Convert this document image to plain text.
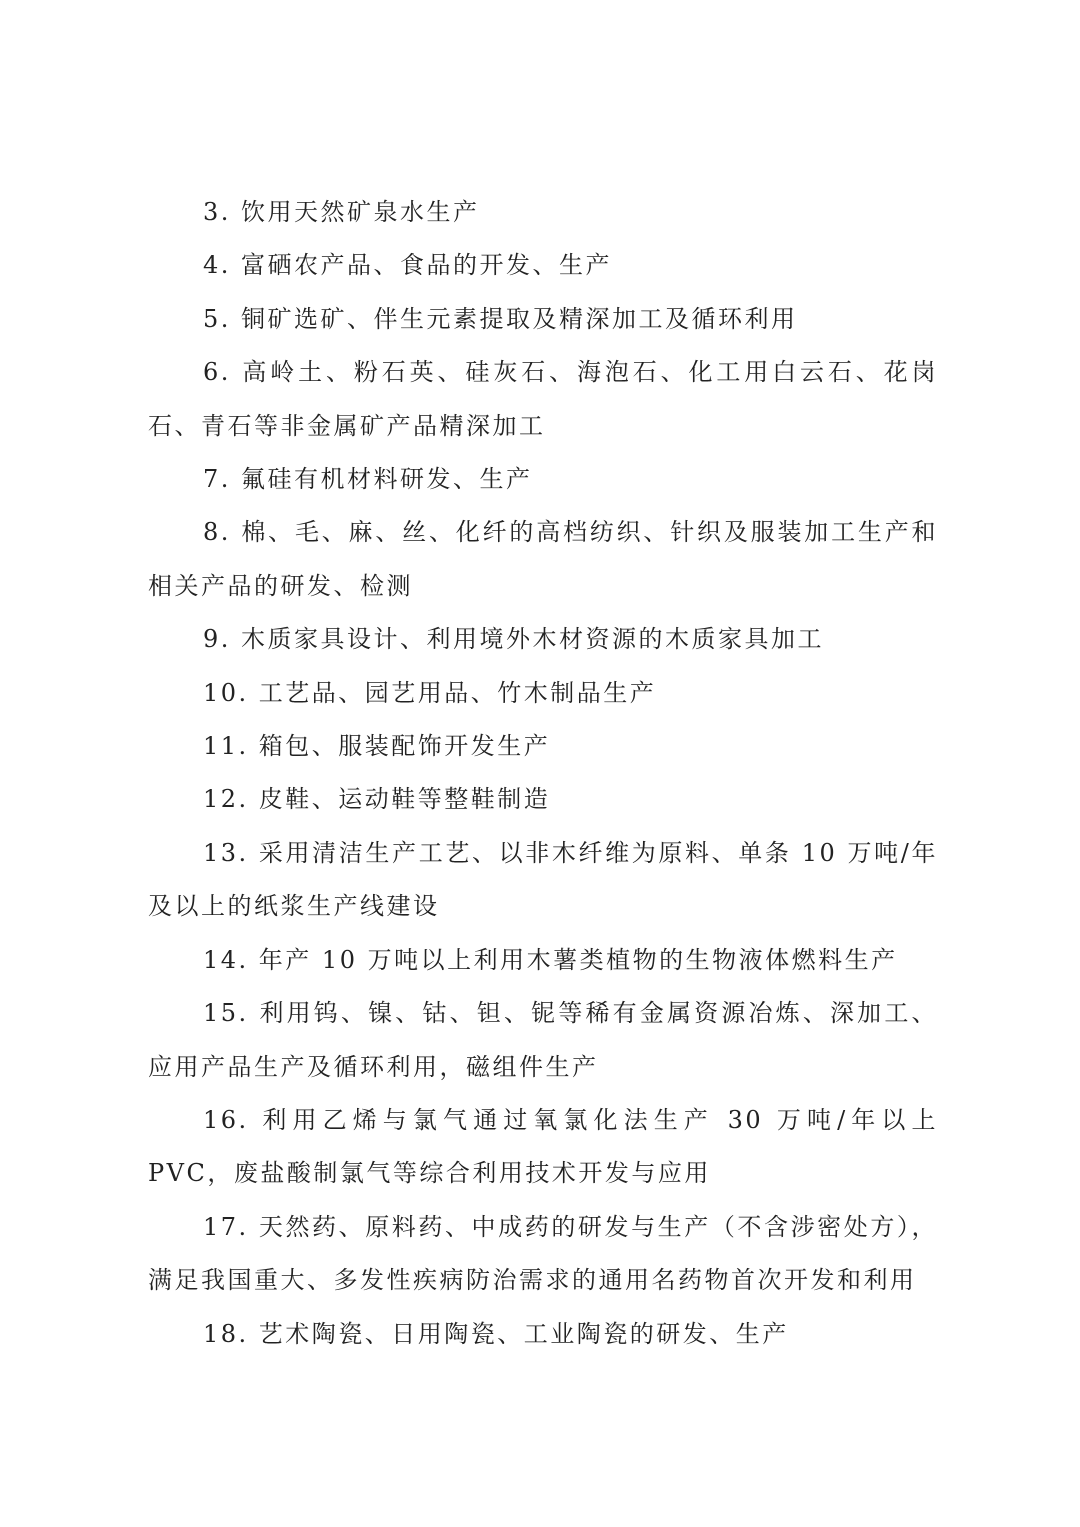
3. 饮用天然矿泉水生产

4. 富硒农产品、食品的开发、生产

5. 铜矿选矿、伴生元素提取及精深加工及循环利用

6. 高岭土、粉石英、硅灰石、海泡石、化工用白云石、花岗石、青石等非金属矿产品精深加工

7. 氟硅有机材料研发、生产

8. 棉、毛、麻、丝、化纤的高档纺织、针织及服装加工生产和相关产品的研发、检测

9. 木质家具设计、利用境外木材资源的木质家具加工

10. 工艺品、园艺用品、竹木制品生产

11. 箱包、服装配饰开发生产

12. 皮鞋、运动鞋等整鞋制造

13. 采用清洁生产工艺、以非木纤维为原料、单条 10 万吨/年及以上的纸浆生产线建设

14. 年产 10 万吨以上利用木薯类植物的生物液体燃料生产

15. 利用钨、镍、钴、钽、铌等稀有金属资源冶炼、深加工、应用产品生产及循环利用，磁组件生产

16. 利用乙烯与氯气通过氧氯化法生产 30 万吨/年以上 PVC，废盐酸制氯气等综合利用技术开发与应用

17. 天然药、原料药、中成药的研发与生产（不含涉密处方），满足我国重大、多发性疾病防治需求的通用名药物首次开发和利用

18. 艺术陶瓷、日用陶瓷、工业陶瓷的研发、生产
